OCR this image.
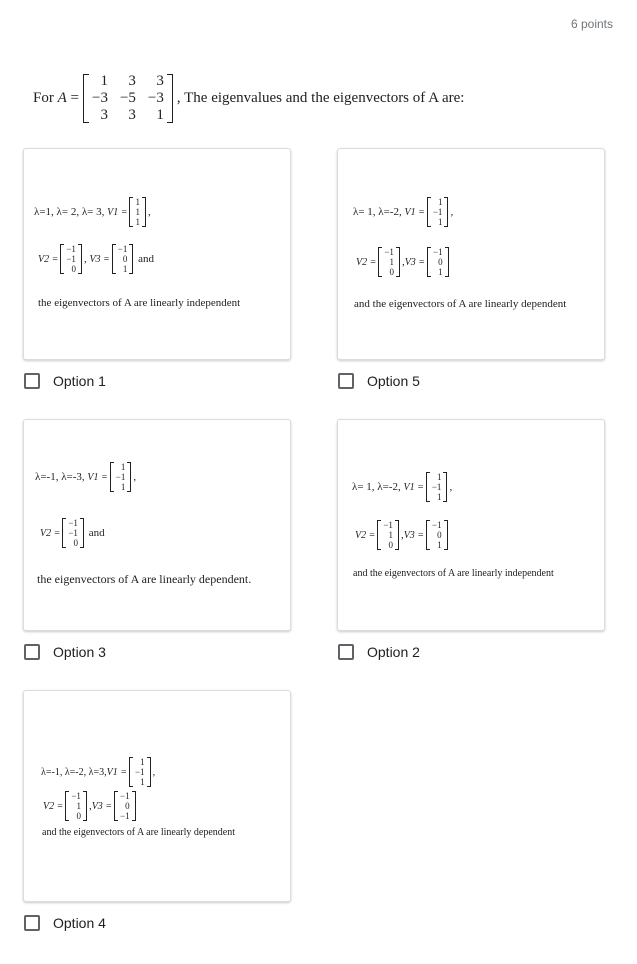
6 points
For
A
=
1	3	3
−3 −5 −3
3	3	1
, The eigenvalues and the eigenvectors of A are:
λ=1, λ= 2, λ= 3,
V1 =
1
1
1
,
V2 =
−1
−1
0
, V3 =
−1
0
1

and
the eigenvectors of A are linearly independent
Option 1
λ= 1, λ=-2,
V1 =
1
−1
1
,
V2 =
−1
1
0
, V3 =
−1
0
1
and the eigenvectors of A are linearly dependent
Option 5
λ=-1, λ=-3,
V1 =
1
−1
1
,
V2 =
−1
−1
0

and
the eigenvectors of A are linearly dependent.
Option 3
λ= 1, λ=-2,
V1 =
1
−1
1
,
V2 =
−1
1
0
, V3 =
−1
0
1
and the eigenvectors of A are linearly independent
Option 2
λ=-1, λ=-2, λ=3, V1 =
1
−1
1
,
V2 =
−1
1
0
, V3 =
−1
0
−1
and the eigenvectors of A are linearly dependent
Option 4
